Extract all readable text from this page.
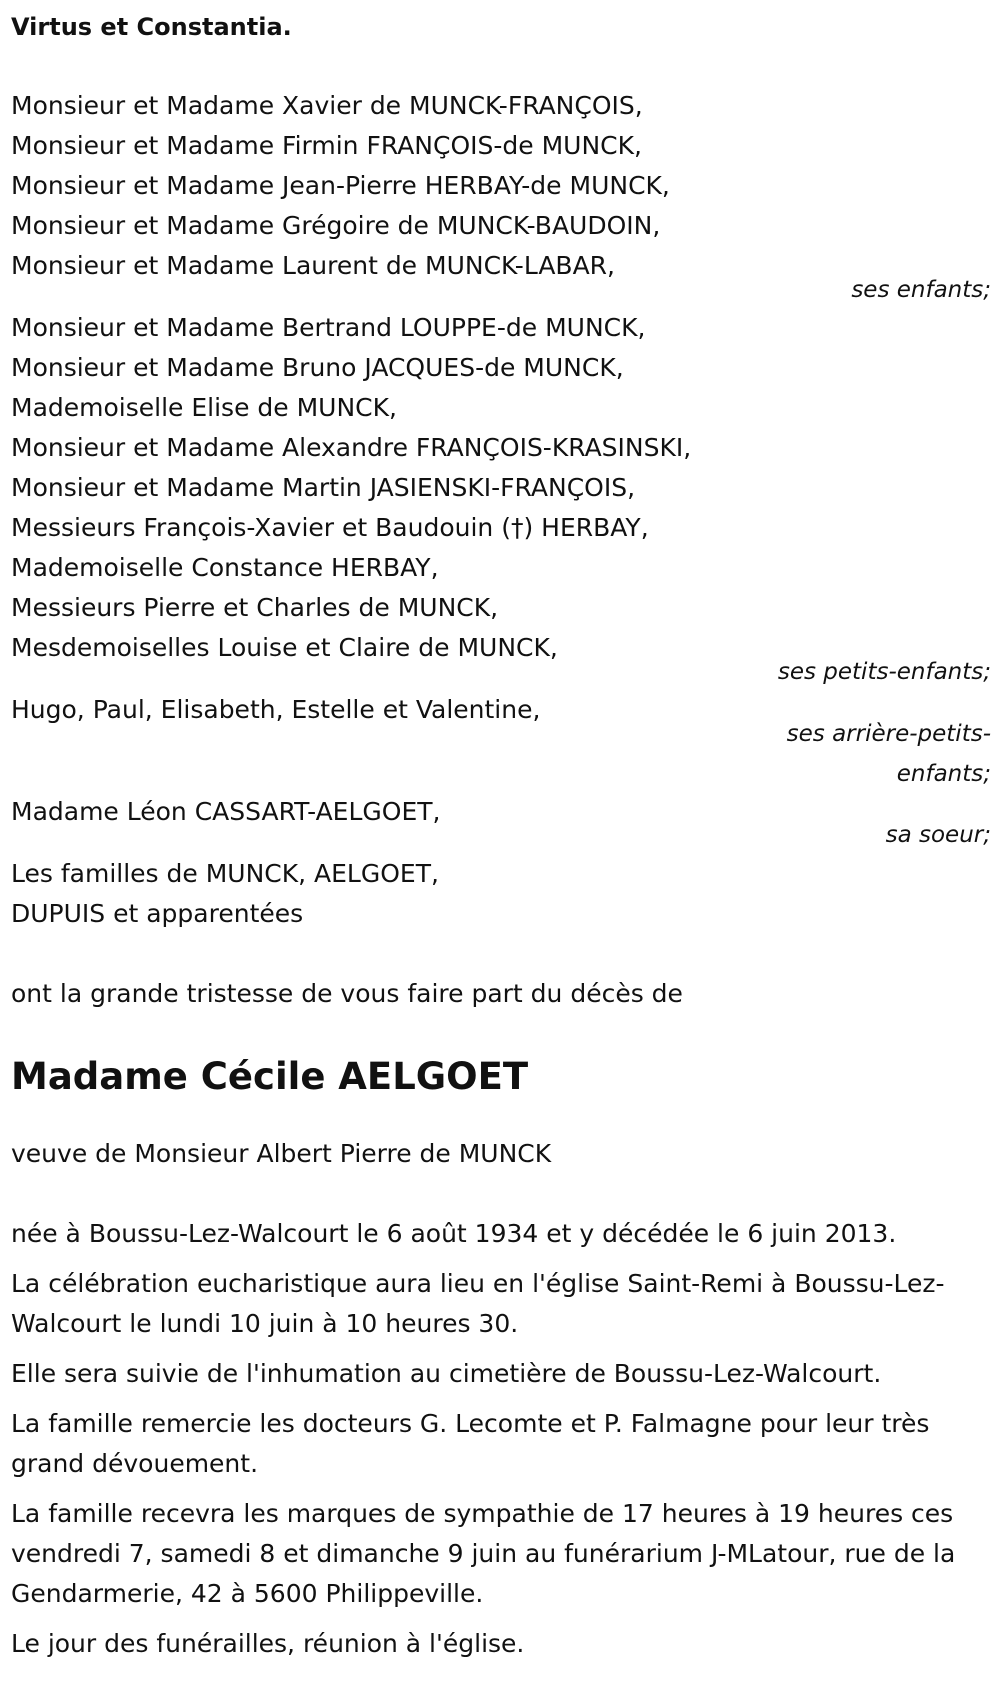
Virtus et Constantia.
Monsieur et Madame Xavier de MUNCK-FRANÇOIS,
Monsieur et Madame Firmin FRANÇOIS-de MUNCK,
Monsieur et Madame Jean-Pierre HERBAY-de MUNCK,
Monsieur et Madame Grégoire de MUNCK-BAUDOIN,
Monsieur et Madame Laurent de MUNCK-LABAR,
ses enfants;
Monsieur et Madame Bertrand LOUPPE-de MUNCK,
Monsieur et Madame Bruno JACQUES-de MUNCK,
Mademoiselle Elise de MUNCK,
Monsieur et Madame Alexandre FRANÇOIS-KRASINSKI,
Monsieur et Madame Martin JASIENSKI-FRANÇOIS,
Messieurs François-Xavier et Baudouin (†) HERBAY,
Mademoiselle Constance HERBAY,
Messieurs Pierre et Charles de MUNCK,
Mesdemoiselles Louise et Claire de MUNCK,
ses petits-enfants;
Hugo, Paul, Elisabeth, Estelle et Valentine,
ses arrière-petits-enfants;
Madame Léon CASSART-AELGOET,
sa soeur;
Les familles de MUNCK, AELGOET,
DUPUIS et apparentées
ont la grande tristesse de vous faire part du décès de
Madame Cécile AELGOET
veuve de Monsieur Albert Pierre de MUNCK

née à Boussu-Lez-Walcourt le 6 août 1934 et y décédée le 6 juin 2013.

La célébration eucharistique aura lieu en l'église Saint-Remi à Boussu-Lez-Walcourt le lundi 10 juin à 10 heures 30.

Elle sera suivie de l'inhumation au cimetière de Boussu-Lez-Walcourt.

La famille remercie les docteurs G. Lecomte et P. Falmagne pour leur très grand dévouement.

La famille recevra les marques de sympathie de 17 heures à 19 heures ces vendredi 7, samedi 8 et dimanche 9 juin au funérarium J-MLatour, rue de la Gendarmerie, 42 à 5600 Philippeville.

Le jour des funérailles, réunion à l'église.
